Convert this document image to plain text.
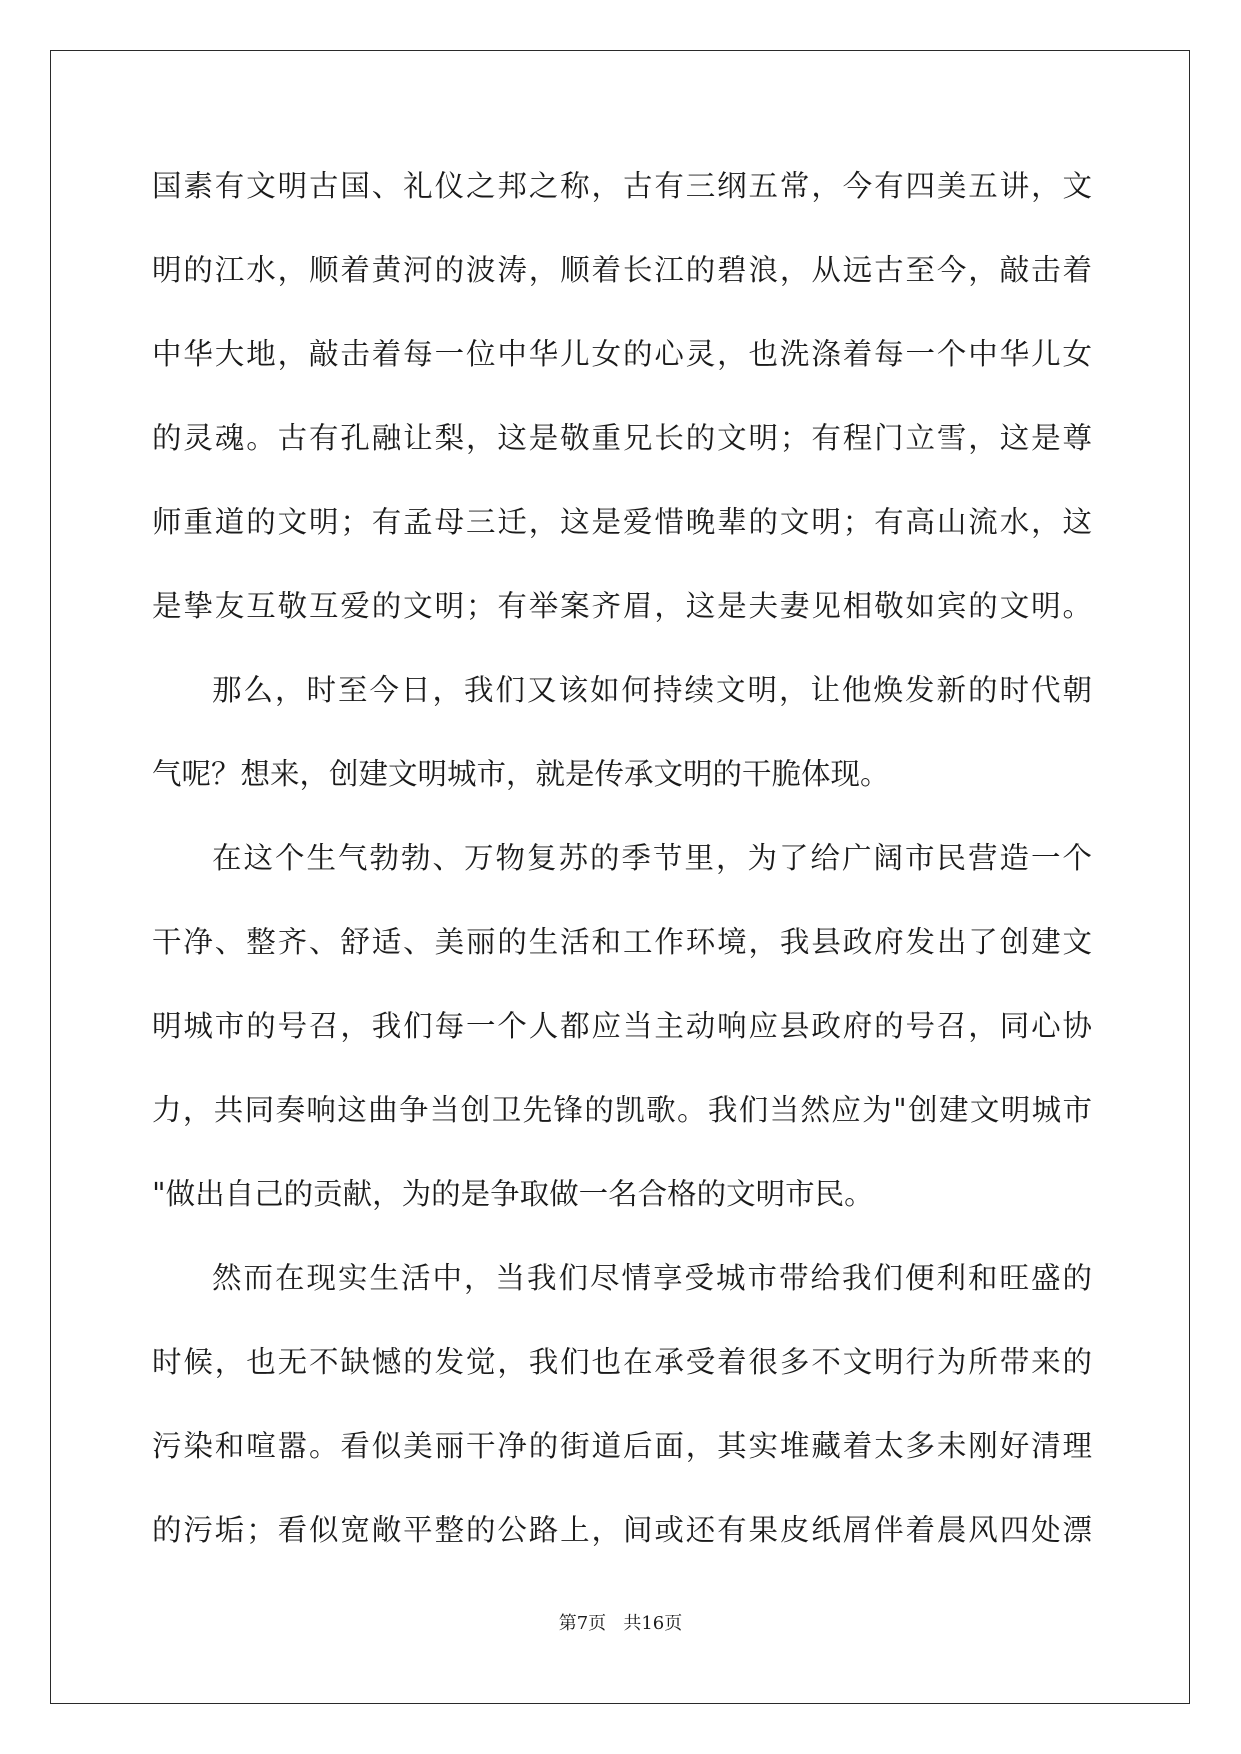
国素有文明古国、礼仪之邦之称，古有三纲五常，今有四美五讲，文
明的江水，顺着黄河的波涛，顺着长江的碧浪，从远古至今，敲击着
中华大地，敲击着每一位中华儿女的心灵，也洗涤着每一个中华儿女
的灵魂。古有孔融让梨，这是敬重兄长的文明；有程门立雪，这是尊
师重道的文明；有孟母三迁，这是爱惜晚辈的文明；有高山流水，这
是挚友互敬互爱的文明；有举案齐眉，这是夫妻见相敬如宾的文明。
那么，时至今日，我们又该如何持续文明，让他焕发新的时代朝
气呢？想来，创建文明城市，就是传承文明的干脆体现。
在这个生气勃勃、万物复苏的季节里，为了给广阔市民营造一个
干净、整齐、舒适、美丽的生活和工作环境，我县政府发出了创建文
明城市的号召，我们每一个人都应当主动响应县政府的号召，同心协
力，共同奏响这曲争当创卫先锋的凯歌。我们当然应为"创建文明城市
"做出自己的贡献，为的是争取做一名合格的文明市民。
然而在现实生活中，当我们尽情享受城市带给我们便利和旺盛的
时候，也无不缺憾的发觉，我们也在承受着很多不文明行为所带来的
污染和喧嚣。看似美丽干净的街道后面，其实堆藏着太多未刚好清理
的污垢；看似宽敞平整的公路上，间或还有果皮纸屑伴着晨风四处漂
第7页 共16页
